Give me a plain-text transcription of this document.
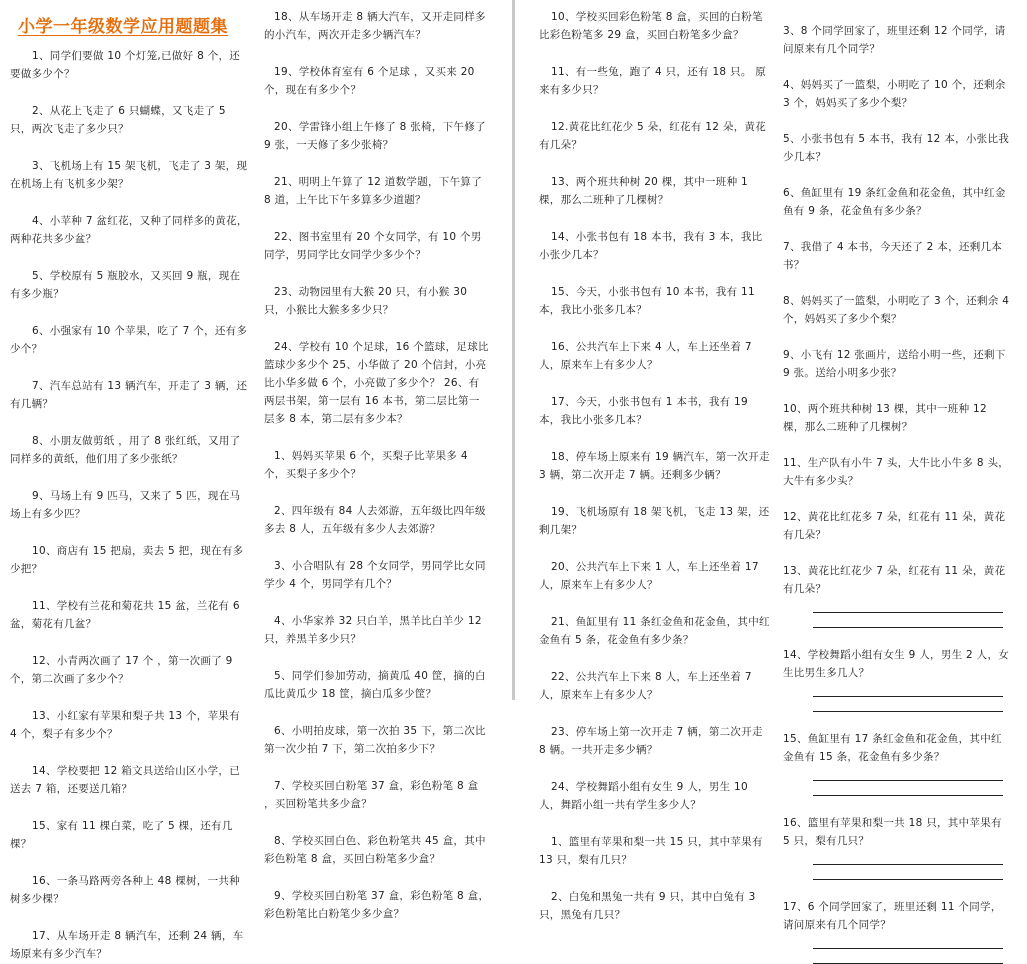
小学一年级数学应用题题集

1、同学们要做 10 个灯笼,已做好 8 个，还要做多少个？

2、从花上飞走了 6 只蝴蝶，又飞走了 5 只，两次飞走了多少只？

3、飞机场上有 15 架飞机，飞走了 3 架，现在机场上有飞机多少架？

4、小苹种 7 盆红花，又种了同样多的黄花，两种花共多少盆？

5、学校原有 5 瓶胶水，又买回 9 瓶，现在有多少瓶？

6、小强家有 10 个苹果，吃了 7 个，还有多少个？

7、汽车总站有 13 辆汽车，开走了 3 辆，还有几辆？

8、小朋友做剪纸 ，用了 8 张红纸，又用了同样多的黄纸，他们用了多少张纸？

9、马场上有 9 匹马，又来了 5 匹，现在马场上有多少匹？

10、商店有 15 把扇，卖去 5 把，现在有多少把？

11、学校有兰花和菊花共 15 盆，兰花有 6 盆，菊花有几盆？

12、小青两次画了 17 个 ，第一次画了 9 个，第二次画了多少个？

13、小红家有苹果和梨子共 13 个，苹果有 4 个，梨子有多少个？

14、学校要把 12 箱文具送给山区小学，已送去 7 箱，还要送几箱？

15、家有 11 棵白菜，吃了 5 棵，还有几棵？

16、一条马路两旁各种上 48 棵树，一共种树多少棵？

17、从车场开走 8 辆汽车，还剩 24 辆，车场原来有多少汽车？

18、从车场开走 8 辆大汽车，又开走同样多的小汽车，两次开走多少辆汽车？

19、学校体育室有 6 个足球 ，又买来 20 个，现在有多少个？

20、学雷锋小组上午修了 8 张椅，下午修了 9 张，一天修了多少张椅？

21、明明上午算了 12 道数学题，下午算了 8 道，上午比下午多算多少道题？

22、图书室里有 20 个女同学，有 10 个男同学，男同学比女同学少多少个？

23、动物园里有大猴 20 只，有小猴 30 只，小猴比大猴多多少只？

24、学校有 10 个足球，16 个篮球，足球比篮球少多少个 25、小华做了 20 个信封，小亮比小华多做 6 个，小亮做了多少个？ 26、有两层书架，第一层有 16 本书，第二层比第一层多 8 本，第二层有多少本？

1、妈妈买苹果 6 个，买梨子比苹果多 4 个，买梨子多少个？

2、四年级有 84 人去郊游，五年级比四年级多去 8 人，五年级有多少人去郊游？

3、小合唱队有 28 个女同学，男同学比女同学少 4 个，男同学有几个？

4、小华家养 32 只白羊，黑羊比白羊少 12 只，养黑羊多少只？

5、同学们参加劳动，摘黄瓜 40 筐，摘的白瓜比黄瓜少 18 筐，摘白瓜多少筐？

6、小明拍皮球，第一次拍 35 下，第二次比第一次少拍 7 下，第二次拍多少下？

7、学校买回白粉笔 37 盒，彩色粉笔 8 盒 ，买回粉笔共多少盒？

8、学校买回白色、彩色粉笔共 45 盒，其中彩色粉笔 8 盒，买回白粉笔多少盒？

9、学校买回白粉笔 37 盒，彩色粉笔 8 盒，彩色粉笔比白粉笔少多少盒？

10、学校买回彩色粉笔 8 盒，买回的白粉笔比彩色粉笔多 29 盒，买回白粉笔多少盒？

11、有一些兔，跑了 4 只，还有 18 只。 原来有多少只？

12.黄花比红花少 5 朵，红花有 12 朵，黄花有几朵？

13、两个班共种树 20 棵，其中一班种 1 棵，那么二班种了几棵树？

14、小张书包有 18 本书，我有 3 本，我比小张少几本？

15、今天，小张书包有 10 本书，我有 11 本，我比小张多几本？

16、公共汽车上下来 4 人，车上还坐着 7 人，原来车上有多少人？

17、今天，小张书包有 1 本书，我有 19 本，我比小张多几本？

18、停车场上原来有 19 辆汽车，第一次开走 3 辆，第二次开走 7 辆。还剩多少辆？

19、飞机场原有 18 架飞机，飞走 13 架，还剩几架？

20、公共汽车上下来 1 人，车上还坐着 17 人，原来车上有多少人？

21、鱼缸里有 11 条红金鱼和花金鱼，其中红金鱼有 5 条，花金鱼有多少条？

22、公共汽车上下来 8 人，车上还坐着 7 人，原来车上有多少人？

23、停车场上第一次开走 7 辆，第二次开走 8 辆。一共开走多少辆？

24、学校舞蹈小组有女生 9 人，男生 10 人，舞蹈小组一共有学生多少人？

1、篮里有苹果和梨一共 15 只，其中苹果有 13 只，梨有几只？

2、白兔和黑兔一共有 9 只，其中白兔有 3 只，黑兔有几只？

3、8 个同学回家了，班里还剩 12 个同学，请问原来有几个同学？

4、妈妈买了一篮梨，小明吃了 10 个，还剩余 3 个，妈妈买了多少个梨？

5、小张书包有 5 本书，我有 12 本，小张比我少几本？

6、鱼缸里有 19 条红金鱼和花金鱼，其中红金鱼有 9 条，花金鱼有多少条？

7、我借了 4 本书，今天还了 2 本，还剩几本书？

8、妈妈买了一篮梨，小明吃了 3 个，还剩余 4 个，妈妈买了多少个梨？

9、小飞有 12 张画片，送给小明一些，还剩下 9 张。送给小明多少张？

10、两个班共种树 13 棵，其中一班种 12 棵，那么二班种了几棵树？

11、生产队有小牛 7 头，大牛比小牛多 8 头，大牛有多少头？

12、黄花比红花多 7 朵，红花有 11 朵，黄花有几朵？

13、黄花比红花少 7 朵，红花有 11 朵，黄花有几朵？

14、学校舞蹈小组有女生 9 人，男生 2 人，女生比男生多几人？

15、鱼缸里有 17 条红金鱼和花金鱼，其中红金鱼有 15 条，花金鱼有多少条？

16、篮里有苹果和梨一共 18 只，其中苹果有 5 只，梨有几只？

17、6 个同学回家了，班里还剩 11 个同学，请问原来有几个同学？
